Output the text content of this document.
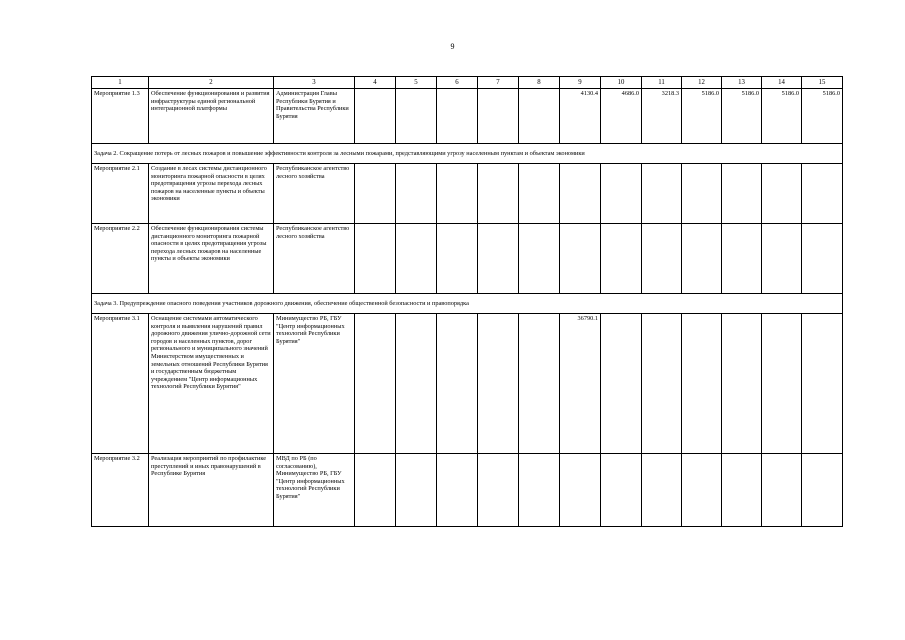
9
1	2	3	4	5	6	7	8	9	10	11	12	13	14	15
Мероприятие 1.3	Обеспечение функционирования и развития инфраструктуры единой региональной интеграционной платформы	Администрация Главы Республики Бурятия и Правительства Республики Бурятия						4130.4	4686.0	3218.3	5186.0	5186.0	5186.0	5186.0
Задача 2. Сокращение потерь от лесных пожаров и повышение эффективности контроля за лесными пожарами, представляющими угрозу населенным пунктам и объектам экономики														
Мероприятие 2.1	Создание в лесах системы дистанционного мониторинга пожарной опасности в целях предотвращения угрозы перехода лесных пожаров на населенные пункты и объекты экономики	Республиканское агентство лесного хозяйства												
Мероприятие 2.2	Обеспечение функционирования системы дистанционного мониторинга пожарной опасности в целях предотвращения угрозы перехода лесных пожаров на населенные пункты и объекты экономики	Республиканское агентство лесного хозяйства												
Задача 3. Предупреждение опасного поведения участников дорожного движения, обеспечение общественной безопасности и правопорядка														
Мероприятие 3.1	Оснащение системами автоматического контроля и выявления нарушений правил дорожного движения улично-дорожной сети городов и населенных пунктов, дорог регионального и муниципального значений Министерством имущественных и земельных отношений Республики Бурятия и государственным бюджетным учреждением "Центр информационных технологий Республики Бурятия"	Минимущество РБ, ГБУ "Центр информационных технологий Республики Бурятия"						36790.1						
Мероприятие 3.2	Реализация мероприятий по профилактике преступлений и иных правонарушений в Республике Бурятия	МВД по РБ (по согласованию), Минимущество РБ, ГБУ "Центр информационных технологий Республики Бурятия"												
